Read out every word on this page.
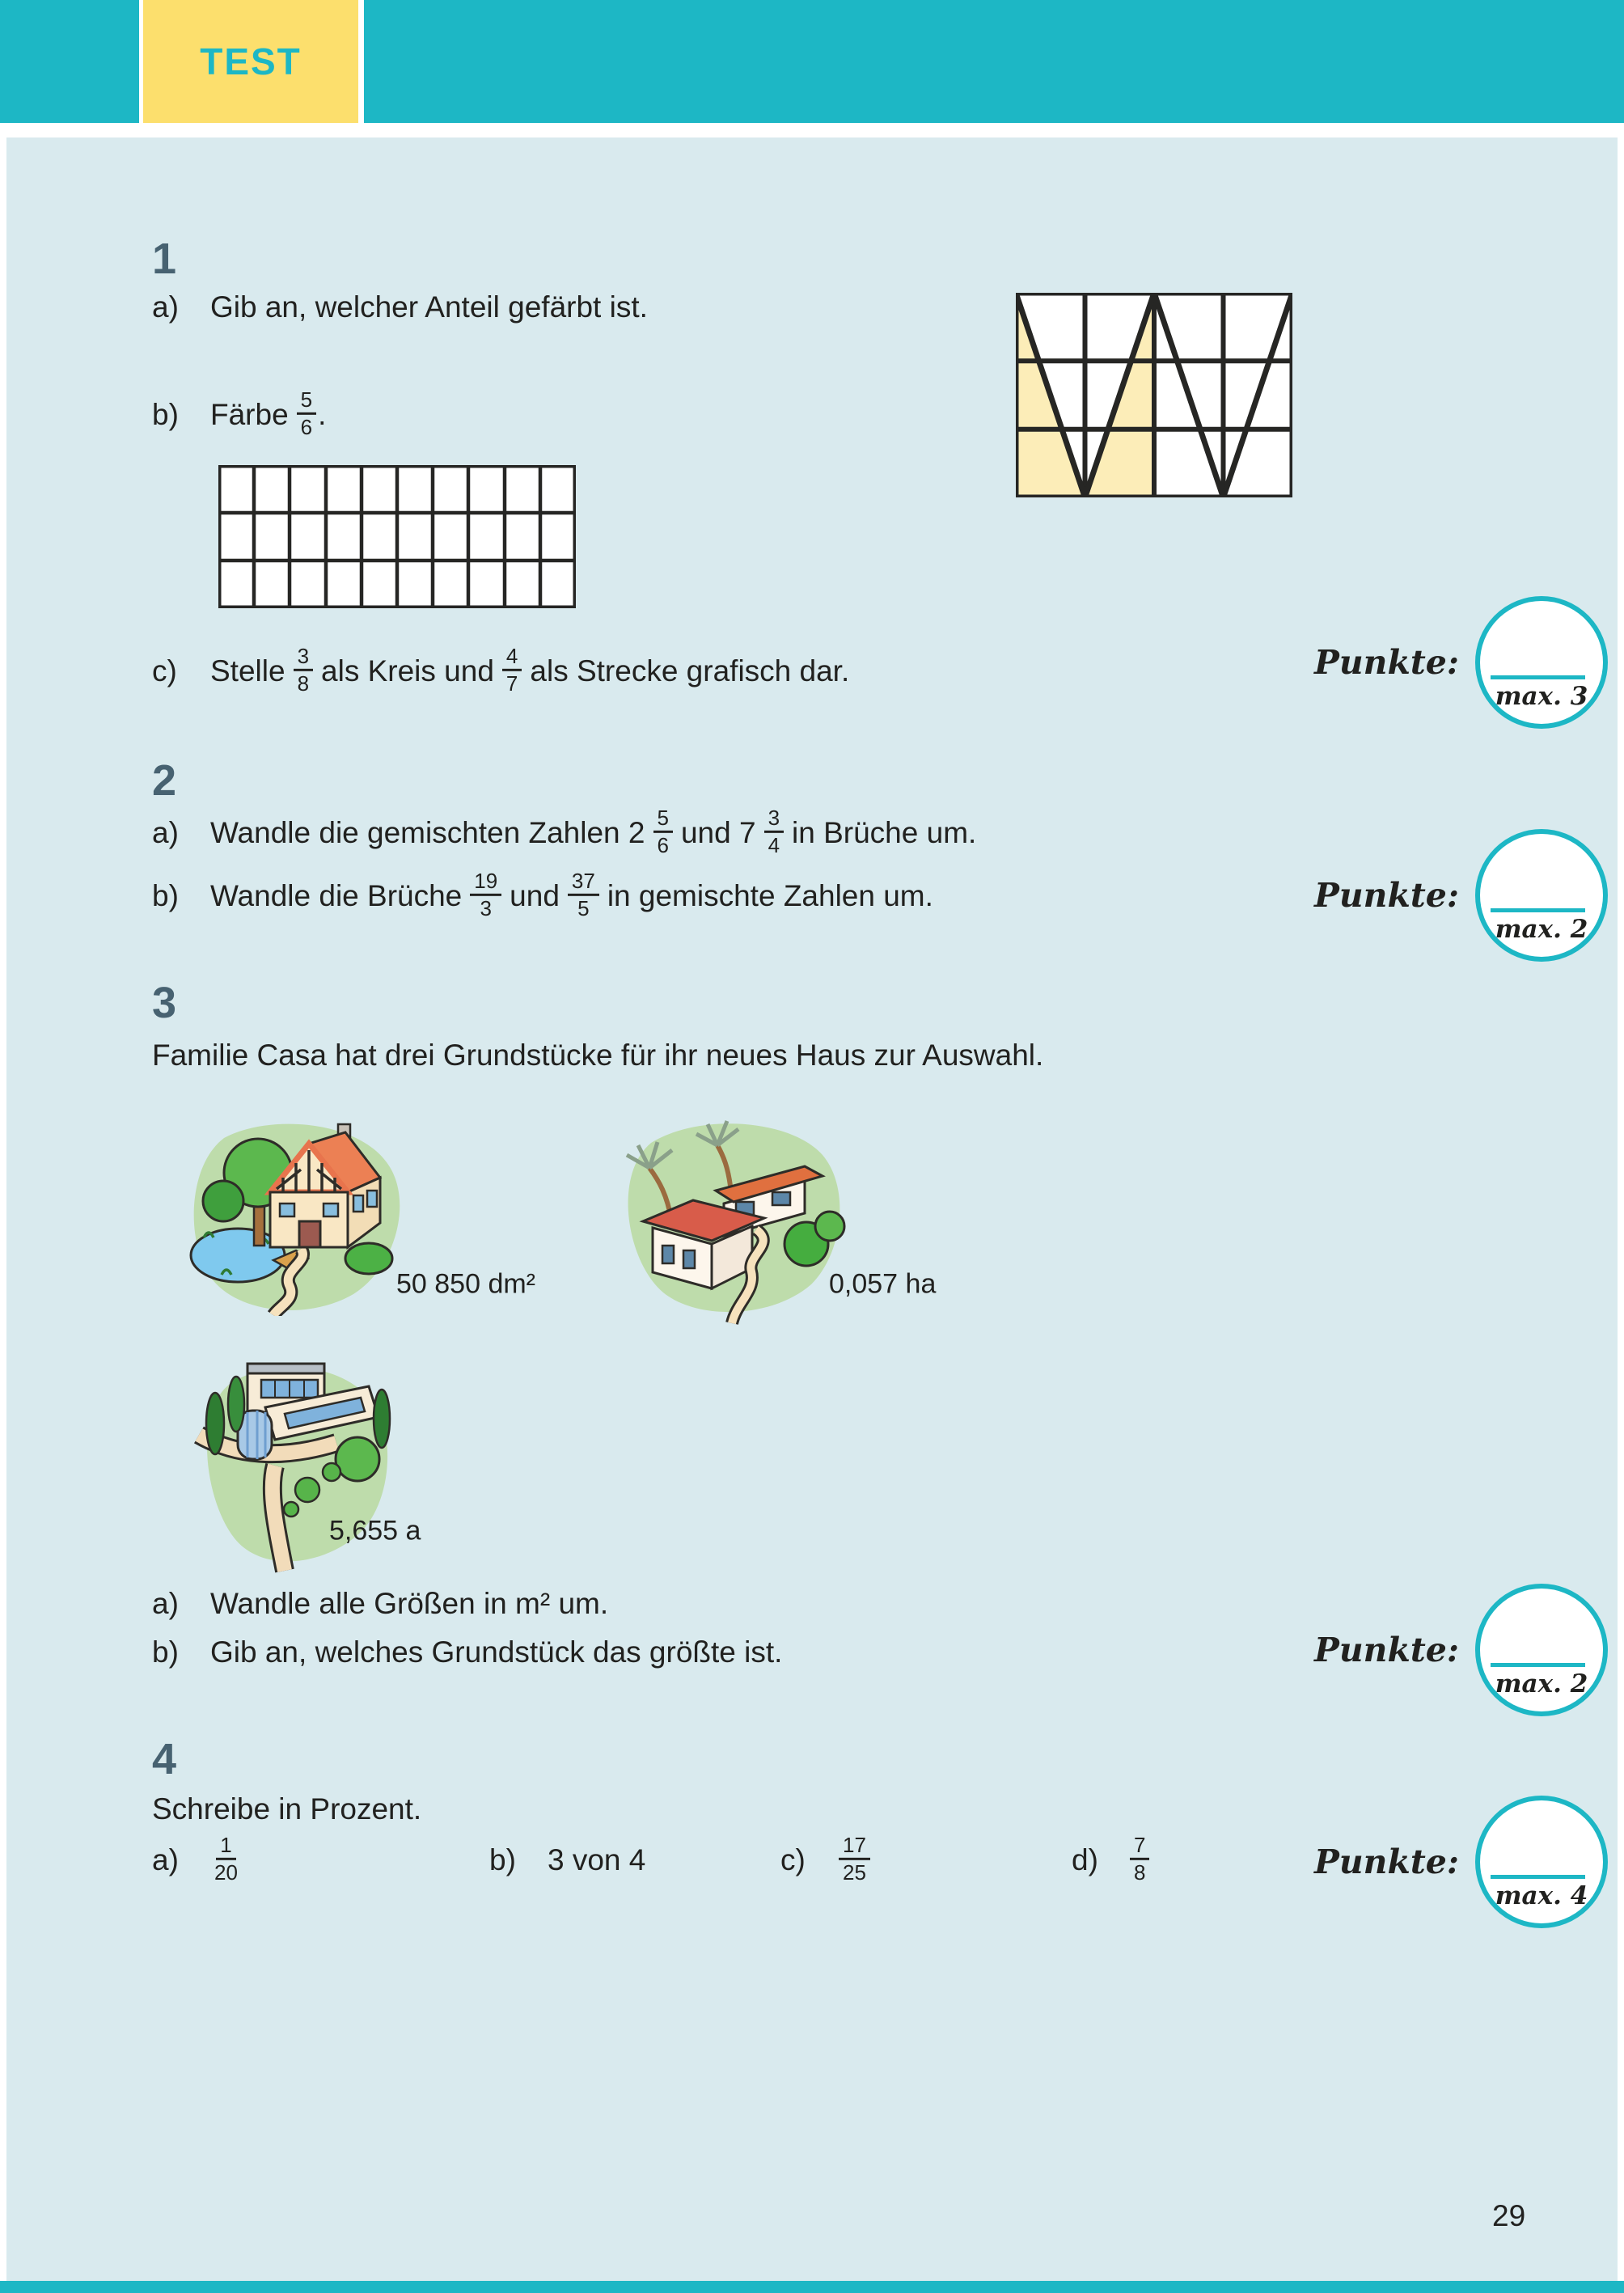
TEST
1
a)	Gib an, welcher Anteil gefärbt ist.
b)	Färbe $\frac{5}{6}$ .
c)	Stelle $\frac{3}{8}$ als Kreis und $\frac{4}{7}$ als Strecke grafisch dar.	Punkte:
max. 3
2
a)	Wandle die gemischten Zahlen $2 \frac{5}{6}$ und $7 \frac{3}{4}$ in Brüche um.
b)	Wandle die Brüche $\frac{19}{3}$ und $\frac{37}{5}$ in gemischte Zahlen um.	Punkte:
max. 2
3
Familie Casa hat drei Grundstücke für ihr neues Haus zur Auswahl.
50 850 dm²	0,057 ha
5,655 a
a)	Wandle alle Größen in m² um.
b)	Gib an, welches Grundstück das größte ist.	Punkte:
max. 2
4
Schreibe in Prozent.
a)	$\frac{1}{20}$	b)	3 von 4	c)	$\frac{17}{25}$	d)	$\frac{7}{8}$	Punkte:
max. 4
29
